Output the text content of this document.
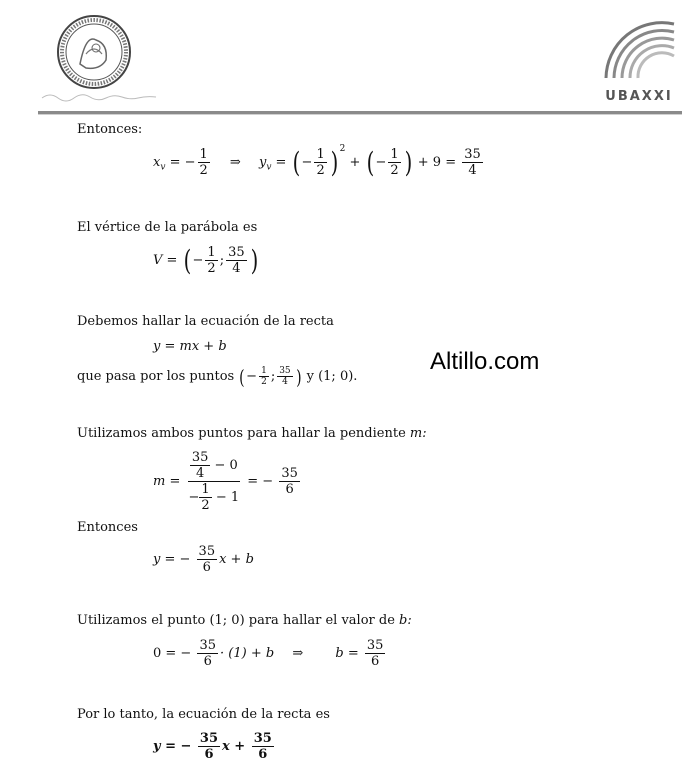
UBAXXI
Entonces:
$x_v$ = − $\frac{1}{2}$ ⇒ $y_v$ = ( − $\frac{1}{2}$ ) $^2$ + ( − $\frac{1}{2}$ ) + $9 = \frac{35}{4}$
El vértice de la parábola es
V = ( − $\frac{1}{2}$ ; $\frac{35}{4}$ )
Debemos hallar la ecuación de la recta
y = mx + b
que pasa por los puntos (− $\frac{1}{2}$ ; $\frac{35}{4}$ ) y (1; 0).
Altillo.com
Utilizamos ambos puntos para hallar la pendiente m:
$m = \frac{35}{4}$
− 0
− $\frac{1}{2}$
− 1 = − $\frac{35}{6}$
Entonces
y = − $\frac{35}{6}$ x + b
Utilizamos el punto (1; 0) para hallar el valor de b:
0 = − $\frac{35}{6} \cdot (1) + b$ ⇒ $b = \frac{35}{6}$
Por lo tanto, la ecuación de la recta es
y = − $\frac{35}{6}$ $x + \frac{35}{6}$
